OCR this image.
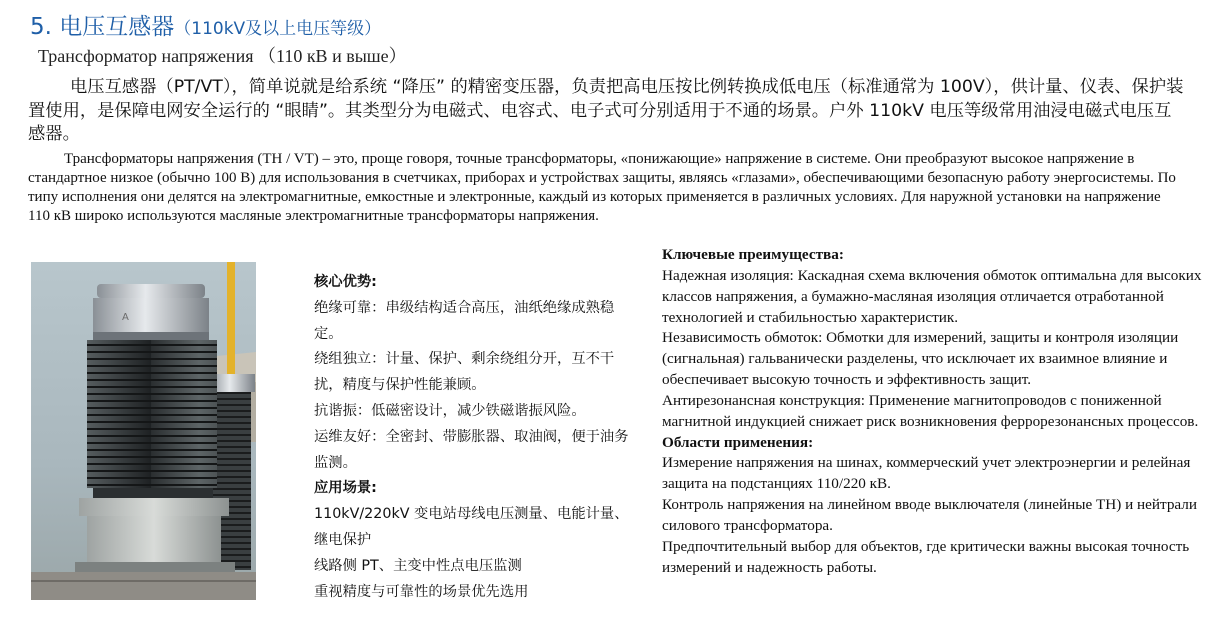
5. 电压互感器（110kV及以上电压等级）
Трансформатор напряжения （110 кВ и выше）

电压互感器（PT/VT），简单说就是给系统 “降压” 的精密变压器，负责把高电压按比例转换成低电压（标准通常为 100V），供计量、仪表、保护装置使用，是保障电网安全运行的 “眼睛”。其类型分为电磁式、电容式、电子式可分别适用于不通的场景。户外 110kV 电压等级常用油浸电磁式电压互感器。

Трансформаторы напряжения (TH / VT) – это, проще говоря, точные трансформаторы, «понижающие» напряжение в системе. Они преобразуют высокое напряжение в стандартное низкое (обычно 100 В) для использования в счетчиках, приборах и устройствах защиты, являясь «глазами», обеспечивающими безопасную работу энергосистемы. По типу исполнения они делятся на электромагнитные, емкостные и электронные, каждый из которых применяется в различных условиях. Для наружной установки на напряжение 110 кВ широко используются масляные электромагнитные трансформаторы напряжения.

A

核心优势:

绝缘可靠：串级结构适合高压，油纸绝缘成熟稳定。

绕组独立：计量、保护、剩余绕组分开，互不干扰，精度与保护性能兼顾。

抗谐振：低磁密设计，减少铁磁谐振风险。

运维友好：全密封、带膨胀器、取油阀，便于油务监测。

应用场景:

110kV/220kV 变电站母线电压测量、电能计量、继电保护

线路侧 PT、主变中性点电压监测

重视精度与可靠性的场景优先选用

Ключевые преимущества:

Надежная изоляция: Каскадная схема включения обмоток оптимальна для высоких классов напряжения, а бумажно-масляная изоляция отличается отработанной технологией и стабильностью характеристик.

Независимость обмоток: Обмотки для измерений, защиты и контроля изоляции (сигнальная) гальванически разделены, что исключает их взаимное влияние и обеспечивает высокую точность и эффективность защит.

Антирезонансная конструкция: Применение магнитопроводов с пониженной магнитной индукцией снижает риск возникновения феррорезонансных процессов.

Области применения:

Измерение напряжения на шинах, коммерческий учет электроэнергии и релейная защита на подстанциях 110/220 кВ.

Контроль напряжения на линейном вводе выключателя (линейные TH) и нейтрали силового трансформатора.

Предпочтительный выбор для объектов, где критически важны высокая точность измерений и надежность работы.
